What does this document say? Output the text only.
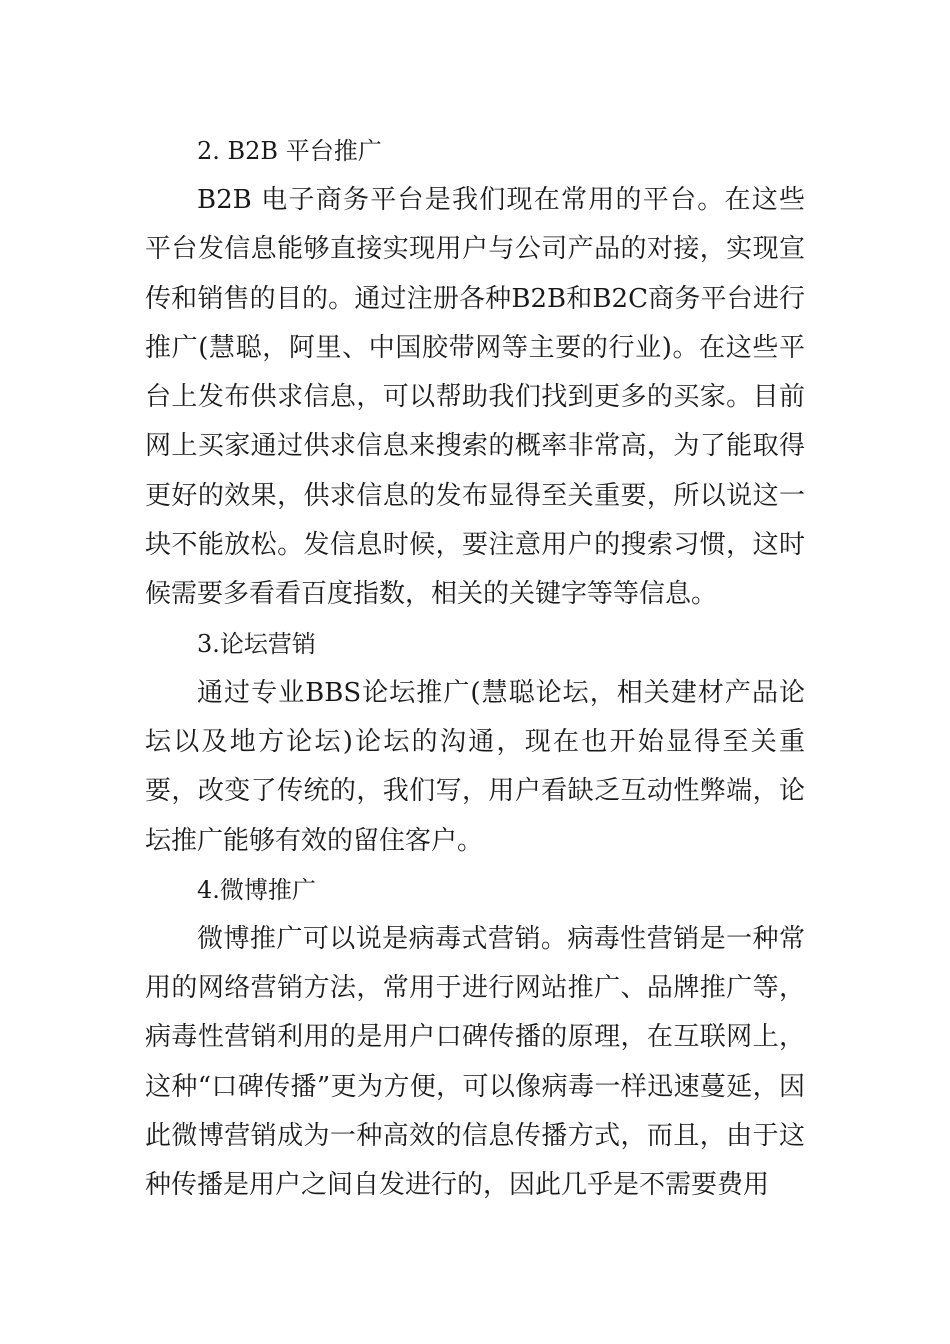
2. B2B 平台推广

B2B 电子商务平台是我们现在常用的平台。在这些平台发信息能够直接实现用户与公司产品的对接，实现宣传和销售的目的。通过注册各种B2B和B2C商务平台进行推广(慧聪，阿里、中国胶带网等主要的行业)。在这些平台上发布供求信息，可以帮助我们找到更多的买家。目前网上买家通过供求信息来搜索的概率非常高，为了能取得更好的效果，供求信息的发布显得至关重要，所以说这一块不能放松。发信息时候，要注意用户的搜索习惯，这时候需要多看看百度指数，相关的关键字等等信息。

3.论坛营销

通过专业BBS论坛推广(慧聪论坛，相关建材产品论坛以及地方论坛)论坛的沟通，现在也开始显得至关重要，改变了传统的，我们写，用户看缺乏互动性弊端，论坛推广能够有效的留住客户。

4.微博推广

微博推广可以说是病毒式营销。病毒性营销是一种常用的网络营销方法，常用于进行网站推广、品牌推广等，病毒性营销利用的是用户口碑传播的原理，在互联网上，这种“口碑传播”更为方便，可以像病毒一样迅速蔓延，因此微博营销成为一种高效的信息传播方式，而且，由于这种传播是用户之间自发进行的，因此几乎是不需要费用
